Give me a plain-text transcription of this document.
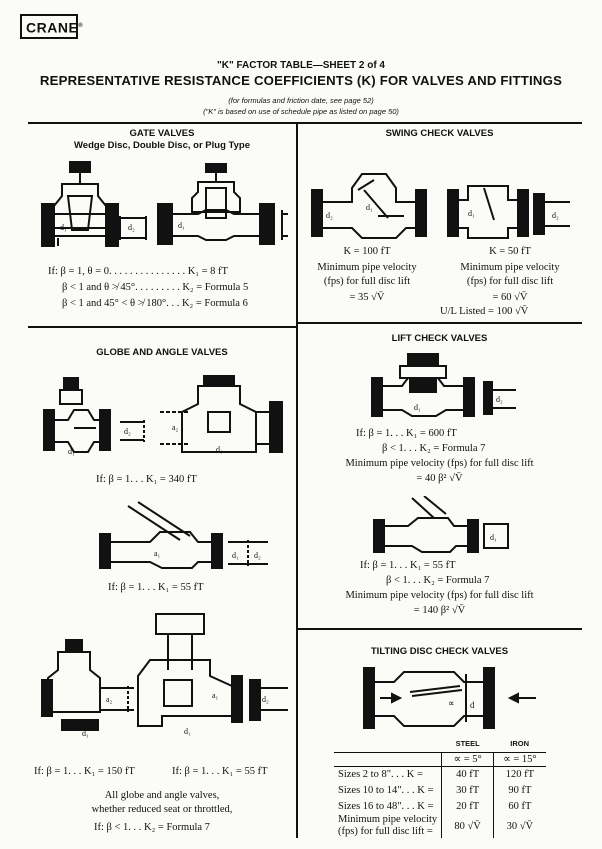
CRANE®
"K" FACTOR TABLE—SHEET 2 of 4
REPRESENTATIVE RESISTANCE COEFFICIENTS (K) FOR VALVES AND FITTINGS
(for formulas and friction date, see page 52)
("K" is based on use of schedule pipe as listed on page 50)
GATE VALVES
Wedge Disc, Double Disc, or Plug Type
d₁	d₂	d₁	d₂
If: β = 1, θ = 0. . . . . . . . . . . . . . . K₁ = 8 fT
β < 1 and θ ≯ 45°. . . . . . . . . K₂ = Formula 5
β < 1 and 45° < θ ≯ 180°. . . K₂ = Formula 6
SWING CHECK VALVES
d₂
d₁
d₁	d₂
K = 100 fT
Minimum pipe velocity
(fps) for full disc lift
= 35 √V̄
K = 50 fT
Minimum pipe velocity
(fps) for full disc lift
= 60 √V̄
U/L Listed = 100 √V̄
GLOBE AND ANGLE VALVES
d₁
d₂	a₂
d₁
If: β = 1. . . K₁ = 340 fT
a₁	d₁ d₂
If: β = 1. . . K₁ = 55 fT
d₁
a₂	a₁
d₁
d₂
If: β = 1. . . K₁ = 150 fT	If: β = 1. . . K₁ = 55 fT
All globe and angle valves,
whether reduced seat or throttled,
If: β < 1. . . K₂ = Formula 7
LIFT CHECK VALVES
d₁
d₂
If: β = 1. . . K₁ = 600 fT
β < 1. . . K₂ = Formula 7
Minimum pipe velocity (fps) for full disc lift
= 40 β² √V̄
d₁
If: β = 1. . . K₁ = 55 fT
β < 1. . . K₂ = Formula 7
Minimum pipe velocity (fps) for full disc lift
= 140 β² √V̄
TILTING DISC CHECK VALVES
∝ d
	STEEL	IRON
	∝ = 5°	∝ = 15°
Sizes 2 to 8". . . K =	40 fT	120 fT
Sizes 10 to 14". . . K =	30 fT	90 fT
Sizes 16 to 48". . . K =	20 fT	60 fT
Minimum pipe velocity
(fps) for full disc lift =	80 √V̄	30 √V̄
